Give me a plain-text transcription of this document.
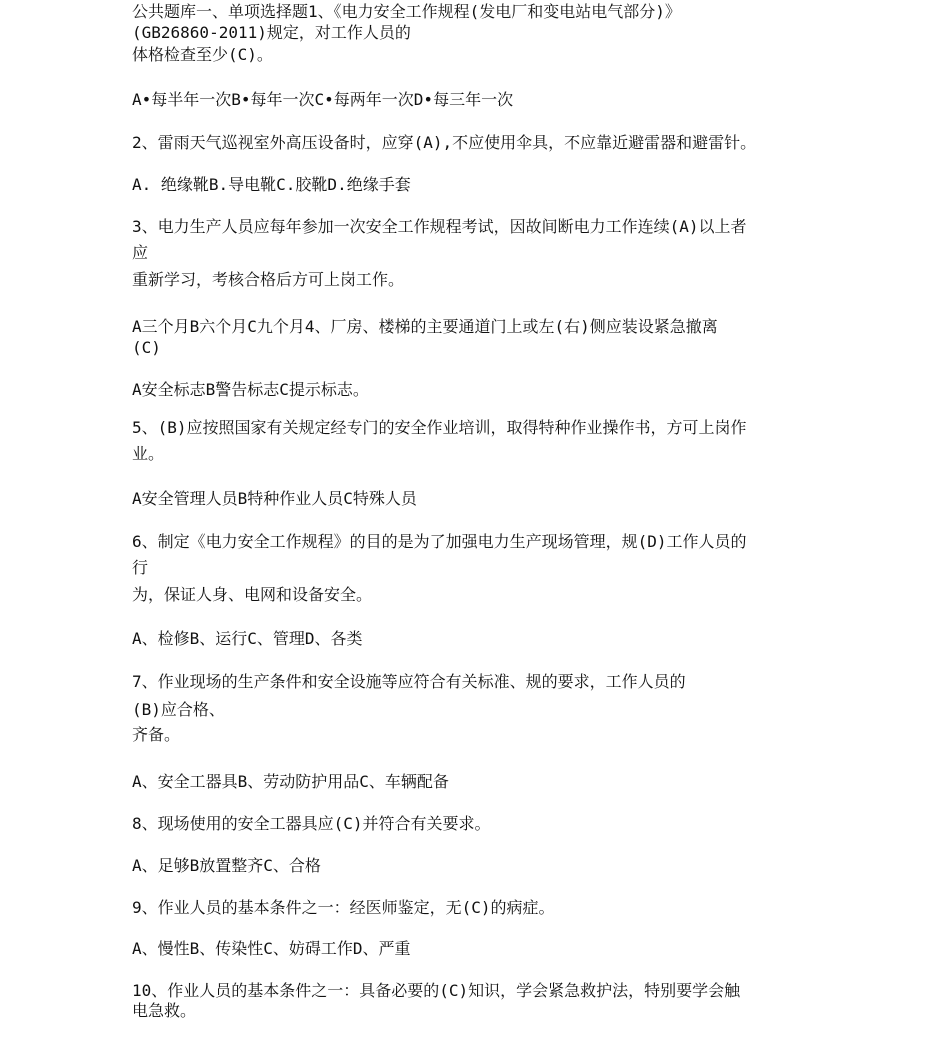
公共题库一、单项选择题1、《电力安全工作规程(发电厂和变电站电气部分)》
(GB26860-2011)规定，对工作人员的
体格检查至少(C)。
A•每半年一次B•每年一次C•每两年一次D•每三年一次
2、雷雨天气巡视室外高压设备时，应穿(A),不应使用伞具，不应靠近避雷器和避雷针。
A. 绝缘靴B.导电靴C.胶靴D.绝缘手套
3、电力生产人员应每年参加一次安全工作规程考试，因故间断电力工作连续(A)以上者
应
重新学习，考核合格后方可上岗工作。
A三个月B六个月C九个月4、厂房、楼梯的主要通道门上或左(右)侧应装设紧急撤离
(C)
A安全标志B警告标志C提示标志。
5、(B)应按照国家有关规定经专门的安全作业培训，取得特种作业操作书，方可上岗作
业。
A安全管理人员B特种作业人员C特殊人员
6、制定《电力安全工作规程》的目的是为了加强电力生产现场管理，规(D)工作人员的
行
为，保证人身、电网和设备安全。
A、检修B、运行C、管理D、各类
7、作业现场的生产条件和安全设施等应符合有关标准、规的要求，工作人员的
(B)应合格、
齐备。
A、安全工器具B、劳动防护用品C、车辆配备
8、现场使用的安全工器具应(C)并符合有关要求。
A、足够B放置整齐C、合格
9、作业人员的基本条件之一：经医师鉴定，无(C)的病症。
A、慢性B、传染性C、妨碍工作D、严重
10、作业人员的基本条件之一：具备必要的(C)知识，学会紧急救护法，特别要学会触
电急救。
